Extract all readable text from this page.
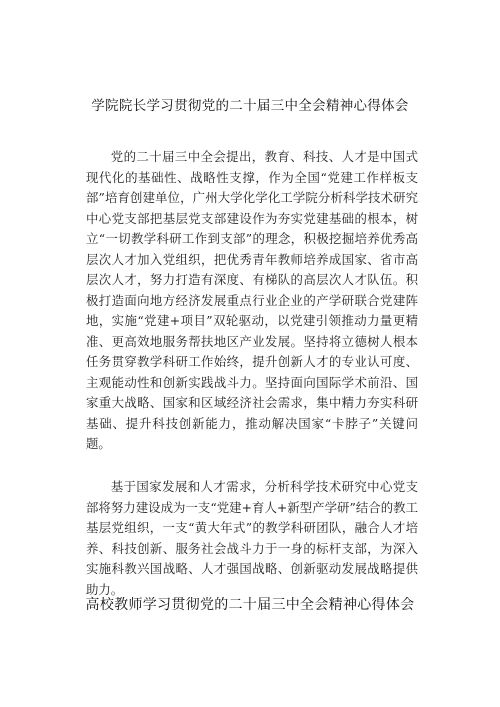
学院院长学习贯彻党的二十届三中全会精神心得体会

党的二十届三中全会提出，教育、科技、人才是中国式现代化的基础性、战略性支撑，作为全国“党建工作样板支部”培育创建单位，广州大学化学化工学院分析科学技术研究中心党支部把基层党支部建设作为夯实党建基础的根本，树立“一切教学科研工作到支部”的理念，积极挖掘培养优秀高层次人才加入党组织，把优秀青年教师培养成国家、省市高层次人才，努力打造有深度、有梯队的高层次人才队伍。积极打造面向地方经济发展重点行业企业的产学研联合党建阵地，实施“党建+项目”双轮驱动，以党建引领推动力量更精准、更高效地服务帮扶地区产业发展。坚持将立德树人根本任务贯穿教学科研工作始终，提升创新人才的专业认可度、主观能动性和创新实践战斗力。坚持面向国际学术前沿、国家重大战略、国家和区域经济社会需求，集中精力夯实科研基础、提升科技创新能力，推动解决国家“卡脖子”关键问题。

基于国家发展和人才需求，分析科学技术研究中心党支部将努力建设成为一支“党建+育人+新型产学研”结合的教工基层党组织，一支“黄大年式”的教学科研团队，融合人才培养、科技创新、服务社会战斗力于一身的标杆支部，为深入实施科教兴国战略、人才强国战略、创新驱动发展战略提供助力。

高校教师学习贯彻党的二十届三中全会精神心得体会
